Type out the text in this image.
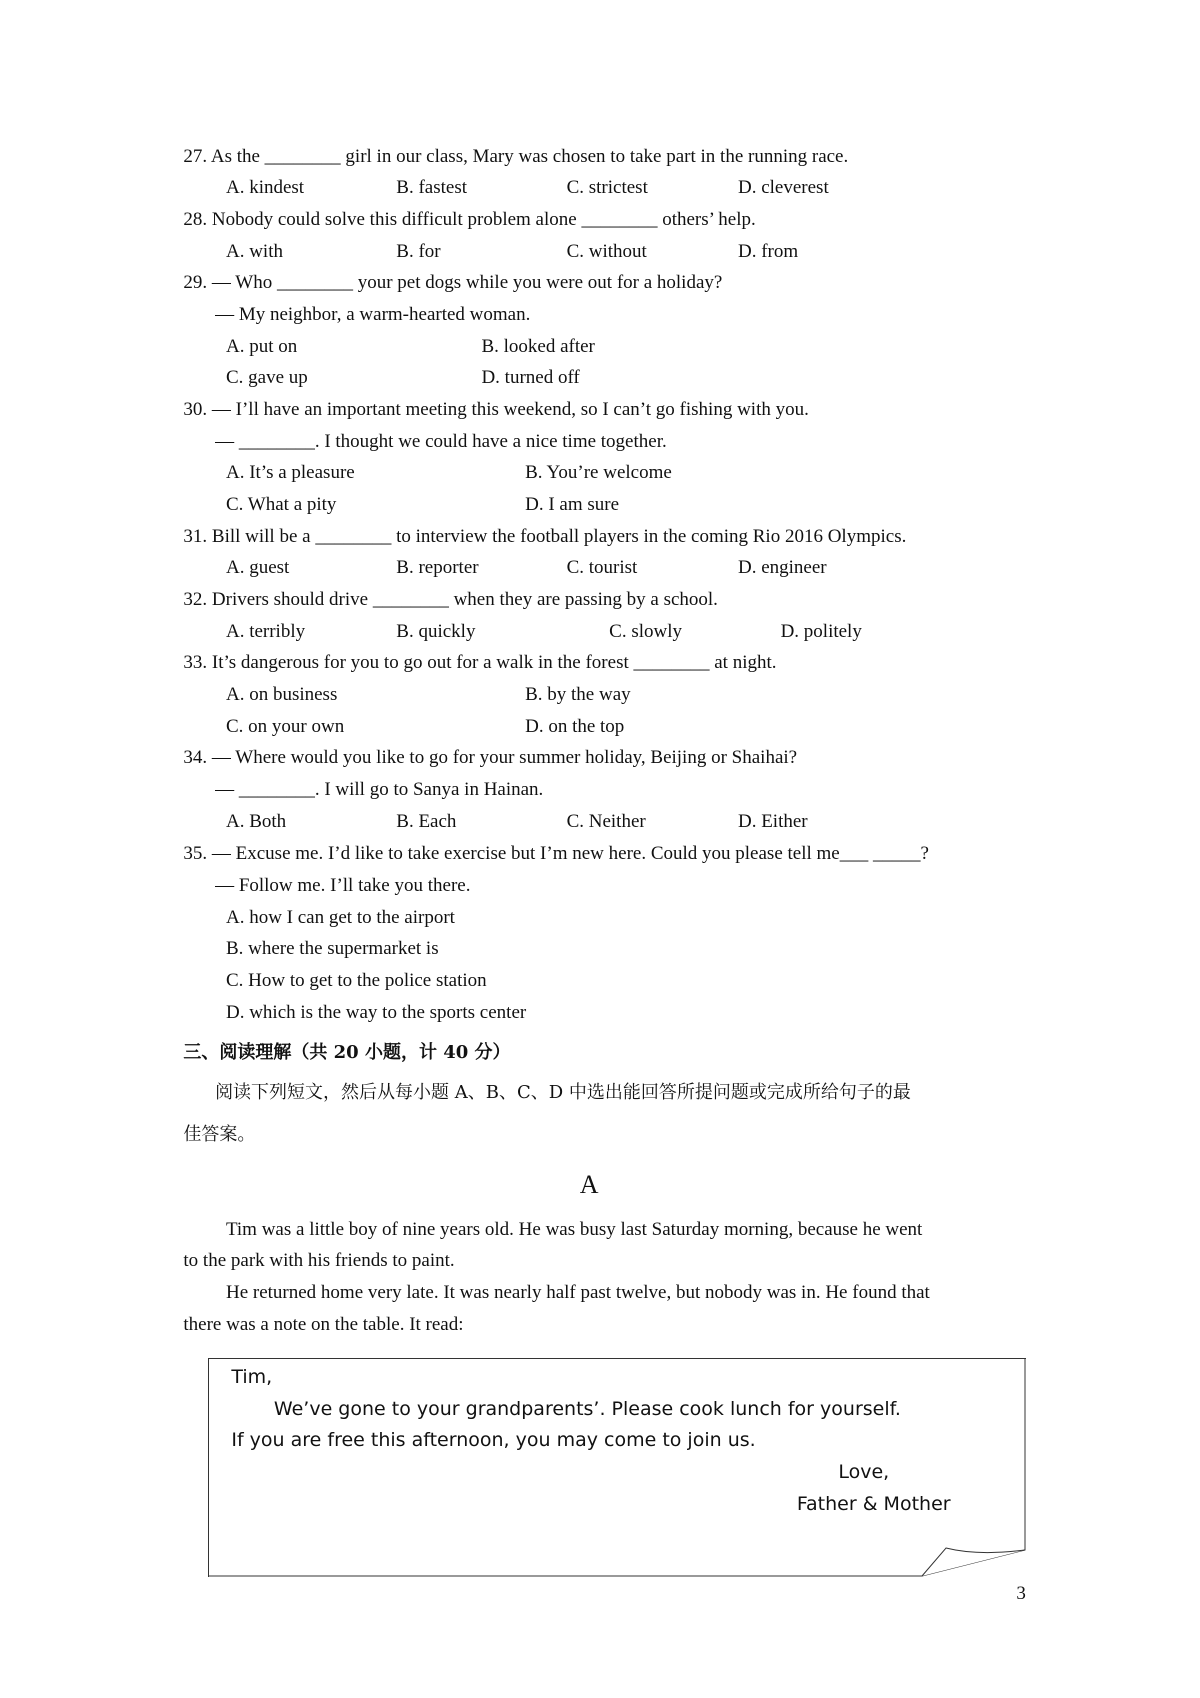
Tim,
We’ve gone to your grandparents’. Please cook lunch for yourself.
If you are free this afternoon, you may come to join us.
Love,
Father & Mother
27. As the ________ girl in our class, Mary was chosen to take part in the running race.
A. kindest	B. fastest	C. strictest	D. cleverest
28. Nobody could solve this difficult problem alone ________ others’ help.
A. with	B. for	C. without	D. from
29. — Who ________ your pet dogs while you were out for a holiday?
— My neighbor, a warm-hearted woman.
A. put on	B. looked after
C. gave up	D. turned off
30. — I’ll have an important meeting this weekend, so I can’t go fishing with you.
— ________. I thought we could have a nice time together.
A. It’s a pleasure	B. You’re welcome
C. What a pity	D. I am sure
31. Bill will be a ________ to interview the football players in the coming Rio 2016 Olympics.
A. guest	B. reporter	C. tourist	D. engineer
32. Drivers should drive ________ when they are passing by a school.
A. terribly	B. quickly	C. slowly	D. politely
33. It’s dangerous for you to go out for a walk in the forest ________ at night.
A. on business	B. by the way
C. on your own	D. on the top
34. — Where would you like to go for your summer holiday, Beijing or Shaihai?
— ________. I will go to Sanya in Hainan.
A. Both	B. Each	C. Neither	D. Either
35. — Excuse me. I’d like to take exercise but I’m new here. Could you please tell me___ _____?
— Follow me. I’ll take you there.
A. how I can get to the airport
B. where the supermarket is
C. How to get to the police station
D. which is the way to the sports center
三、阅读理解（共 20 小题，计 40 分）
阅读下列短文，然后从每小题 A、B、C、D 中选出能回答所提问题或完成所给句子的最
佳答案。
A
Tim was a little boy of nine years old. He was busy last Saturday morning, because he went
to the park with his friends to paint.
He returned home very late. It was nearly half past twelve, but nobody was in. He found that
there was a note on the table. It read:
3
